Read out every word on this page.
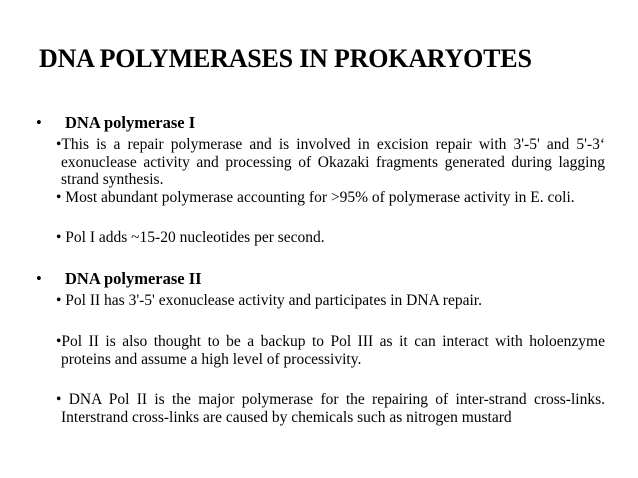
DNA POLYMERASES IN PROKARYOTES
• DNA polymerase I
•This is a repair polymerase and is involved in excision repair with 3'-5' and 5'-3‘ exonuclease activity and processing of Okazaki fragments generated during lagging strand synthesis.
• Most abundant polymerase accounting for >95% of polymerase activity in E. coli.
• Pol I adds ~15-20 nucleotides per second.
• DNA polymerase II
• Pol II has 3'-5' exonuclease activity and participates in DNA repair.
•Pol II is also thought to be a backup to Pol III as it can interact with holoenzyme proteins and assume a high level of processivity.
• DNA Pol II is the major polymerase for the repairing of inter-strand cross-links. Interstrand cross-links are caused by chemicals such as nitrogen mustard
